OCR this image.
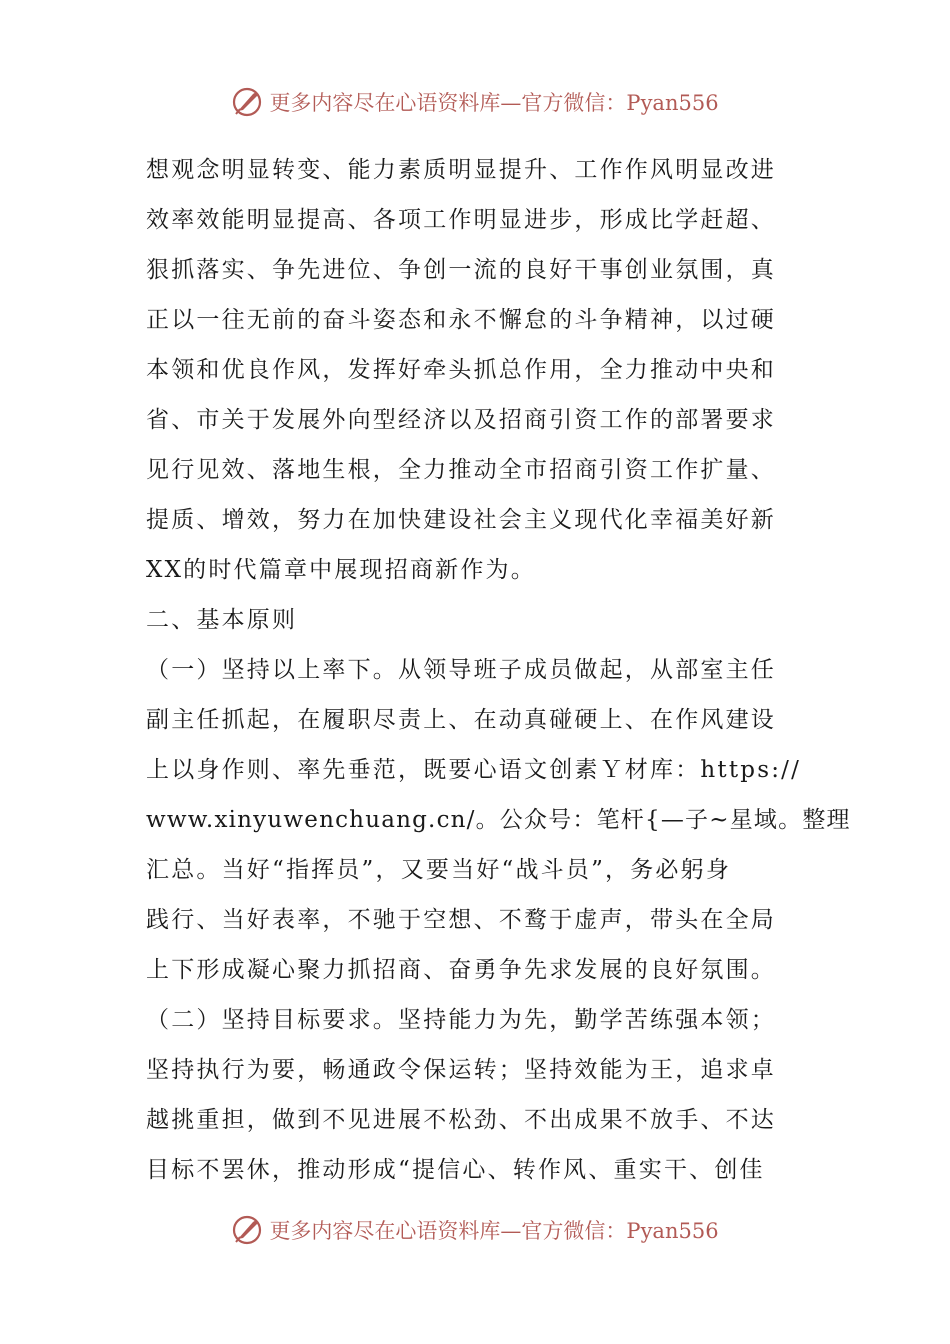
更多内容尽在心语资料库—官方微信：Pyan556
想观念明显转变、能力素质明显提升、工作作风明显改进
效率效能明显提高、各项工作明显进步，形成比学赶超、
狠抓落实、争先进位、争创一流的良好干事创业氛围，真
正以一往无前的奋斗姿态和永不懈怠的斗争精神，以过硬
本领和优良作风，发挥好牵头抓总作用，全力推动中央和
省、市关于发展外向型经济以及招商引资工作的部署要求
见行见效、落地生根，全力推动全市招商引资工作扩量、
提质、增效，努力在加快建设社会主义现代化幸福美好新
XX的时代篇章中展现招商新作为。
二、基本原则
（一）坚持以上率下。从领导班子成员做起，从部室主任
副主任抓起，在履职尽责上、在动真碰硬上、在作风建设
上以身作则、率先垂范，既要心语文创素Ｙ材库：https://
www.xinyuwenchuang.cn/。公众号：笔杆{—子~星域。整理
汇总。当好“指挥员”，又要当好“战斗员”，务必躬身
践行、当好表率，不驰于空想、不鹜于虚声，带头在全局
上下形成凝心聚力抓招商、奋勇争先求发展的良好氛围。
（二）坚持目标要求。坚持能力为先，勤学苦练强本领；
坚持执行为要，畅通政令保运转；坚持效能为王，追求卓
越挑重担，做到不见进展不松劲、不出成果不放手、不达
目标不罢休，推动形成“提信心、转作风、重实干、创佳
更多内容尽在心语资料库—官方微信：Pyan556
